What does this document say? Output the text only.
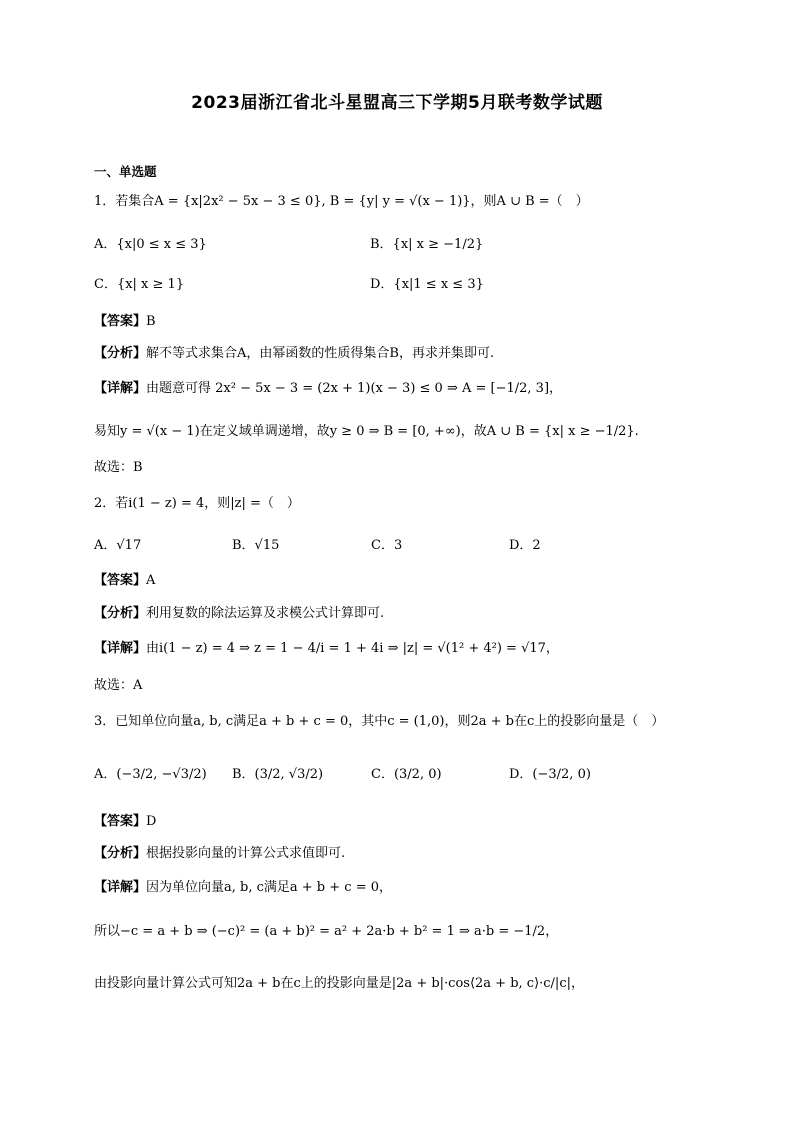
2023届浙江省北斗星盟高三下学期5月联考数学试题
一、单选题
1．若集合A = {x|2x² − 5x − 3 ≤ 0}, B = {y| y = √(x − 1)}，则A ∪ B =（　）
A．{x|0 ≤ x ≤ 3}	B．{x| x ≥ −1/2}
C．{x| x ≥ 1}	D．{x|1 ≤ x ≤ 3}
【答案】B
【分析】解不等式求集合A，由幂函数的性质得集合B，再求并集即可.
【详解】由题意可得 2x² − 5x − 3 = (2x + 1)(x − 3) ≤ 0 ⇒ A = [−1/2, 3]，
易知y = √(x − 1)在定义域单调递增，故y ≥ 0 ⇒ B = [0, +∞)，故A ∪ B = {x| x ≥ −1/2}.
故选：B
2．若i(1 − z) = 4，则|z| =（　）
A．√17	B．√15	C．3	D．2
【答案】A
【分析】利用复数的除法运算及求模公式计算即可.
【详解】由i(1 − z) = 4 ⇒ z = 1 − 4/i = 1 + 4i ⇒ |z| = √(1² + 4²) = √17，
故选：A
3．已知单位向量a, b, c满足a + b + c = 0，其中c = (1,0)，则2a + b在c上的投影向量是（　）
A．(−3/2, −√3/2) B．(3/2, √3/2)	C．(3/2, 0)	D．(−3/2, 0)
【答案】D
【分析】根据投影向量的计算公式求值即可.
【详解】因为单位向量a, b, c满足a + b + c = 0，
所以−c = a + b ⇒ (−c)² = (a + b)² = a² + 2a·b + b² = 1 ⇒ a·b = −1/2，
由投影向量计算公式可知2a + b在c上的投影向量是|2a + b|·cos⟨2a + b, c⟩·c/|c|，
